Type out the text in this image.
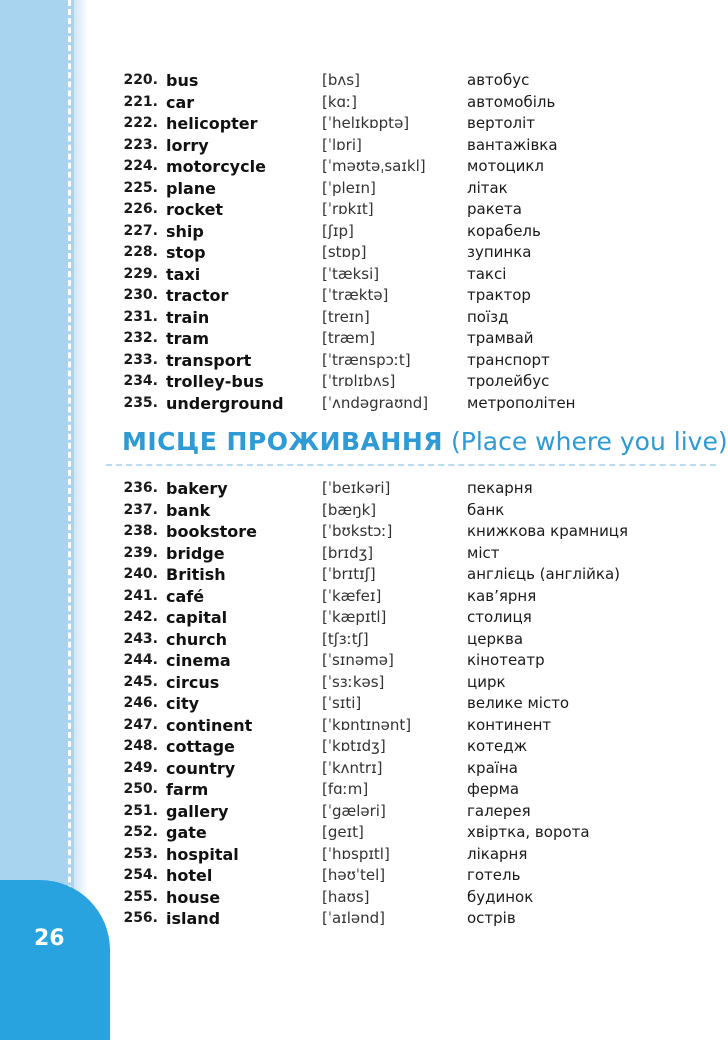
26
220. bus	[bʌs]	автобус
221. car	[kɑː]	автомобіль
222. helicopter	[ˈhelɪkɒptə]	вертоліт
223. lorry	[ˈlɒri]	вантажівка
224. motorcycle	[ˈməʊtəˌsaɪkl]	мотоцикл
225. plane	[ˈpleɪn]	літак
226. rocket	[ˈrɒkɪt]	ракета
227. ship	[ʃɪp]	корабель
228. stop	[stɒp]	зупинка
229. taxi	[ˈtæksi]	таксі
230. tractor	[ˈtræktə]	трактор
231. train	[treɪn]	поїзд
232. tram	[træm]	трамвай
233. transport	[ˈtrænspɔːt]	транспорт
234. trolley-bus	[ˈtrɒlɪbʌs]	тролейбус
235. underground	[ˈʌndəgraʊnd]	метрополітен
МІСЦЕ ПРОЖИВАННЯ (Place where you live)
236. bakery	[ˈbeɪkəri]	пекарня
237. bank	[bæŋk]	банк
238. bookstore	[ˈbʊkstɔː]	книжкова крамниця
239. bridge	[brɪdʒ]	міст
240. British	[ˈbrɪtɪʃ]	англієць (англійка)
241. café	[ˈkæfeɪ]	кав’ярня
242. capital	[ˈkæpɪtl]	столиця
243. church	[tʃɜːtʃ]	церква
244. cinema	[ˈsɪnəmə]	кінотеатр
245. circus	[ˈsɜːkəs]	цирк
246. city	[ˈsɪti]	велике місто
247. continent	[ˈkɒntɪnənt]	континент
248. cottage	[ˈkɒtɪdʒ]	котедж
249. country	[ˈkʌntrɪ]	країна
250. farm	[fɑːm]	ферма
251. gallery	[ˈgæləri]	галерея
252. gate	[geɪt]	хвіртка, ворота
253. hospital	[ˈhɒspɪtl]	лікарня
254. hotel	[həʊˈtel]	готель
255. house	[haʊs]	будинок
256. island	[ˈaɪlənd]	острів
